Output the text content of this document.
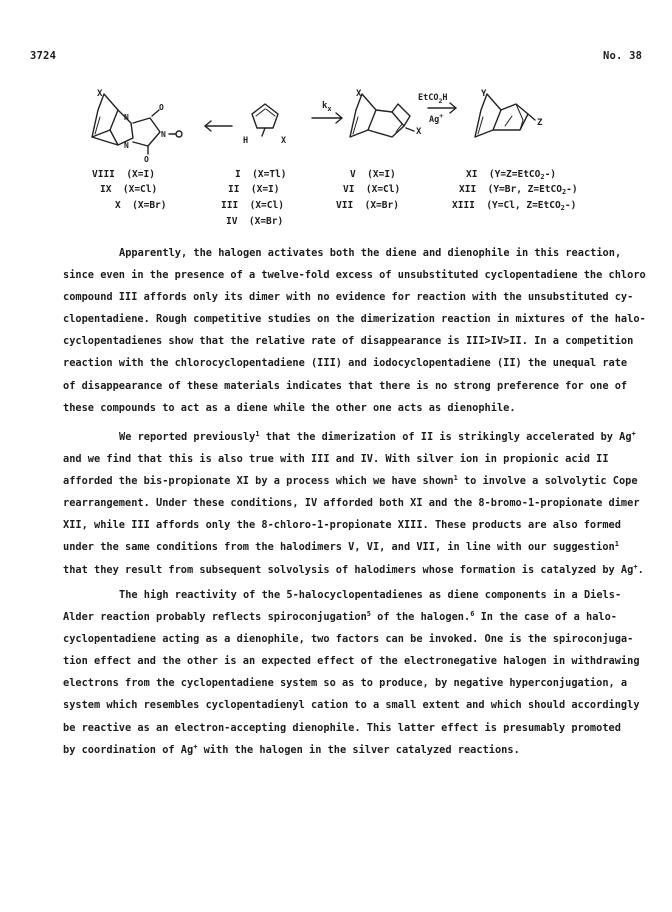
3724	No. 38
X
N
N
O
N
O
H	X
$k_x$
X
X
EtCO$_2$H
Ag+
Y
Z
VIII  (X=I)
IX  (X=Cl)
X  (X=Br)
I  (X=Tl)
II  (X=I)
III  (X=Cl)
IV  (X=Br)
V  (X=I)
VI  (X=Cl)
VII  (X=Br)
XI  (Y=Z=EtCO$_2$-)
XII  (Y=Br, Z=EtCO$_2$-)
XIII  (Y=Cl, Z=EtCO$_2$-)
Apparently, the halogen activates both the diene and dienophile in this reaction,
since even in the presence of a twelve-fold excess of unsubstituted cyclopentadiene the chloro
compound III affords only its dimer with no evidence for reaction with the unsubstituted cy-
clopentadiene. Rough competitive studies on the dimerization reaction in mixtures of the halo-
cyclopentadienes show that the relative rate of disappearance is III>IV>II. In a competition
reaction with the chlorocyclopentadiene (III) and iodocyclopentadiene (II) the unequal rate
of disappearance of these materials indicates that there is no strong preference for one of
these compounds to act as a diene while the other one acts as dienophile.
We reported previously$^1$ that the dimerization of II is strikingly accelerated by Ag+
and we find that this is also true with III and IV. With silver ion in propionic acid II
afforded the bis-propionate XI by a process which we have shown$^1$ to involve a solvolytic Cope
rearrangement. Under these conditions, IV afforded both XI and the 8-bromo-1-propionate dimer
XII, while III affords only the 8-chloro-1-propionate XIII. These products are also formed
under the same conditions from the halodimers V, VI, and VII, in line with our suggestion$^1$
that they result from subsequent solvolysis of halodimers whose formation is catalyzed by Ag+.
The high reactivity of the 5-halocyclopentadienes as diene components in a Diels-
Alder reaction probably reflects spiroconjugation$^5$ of the halogen.$^6$ In the case of a halo-
cyclopentadiene acting as a dienophile, two factors can be invoked. One is the spiroconjuga-
tion effect and the other is an expected effect of the electronegative halogen in withdrawing
electrons from the cyclopentadiene system so as to produce, by negative hyperconjugation, a
system which resembles cyclopentadienyl cation to a small extent and which should accordingly
be reactive as an electron-accepting dienophile. This latter effect is presumably promoted
by coordination of Ag+ with the halogen in the silver catalyzed reactions.
